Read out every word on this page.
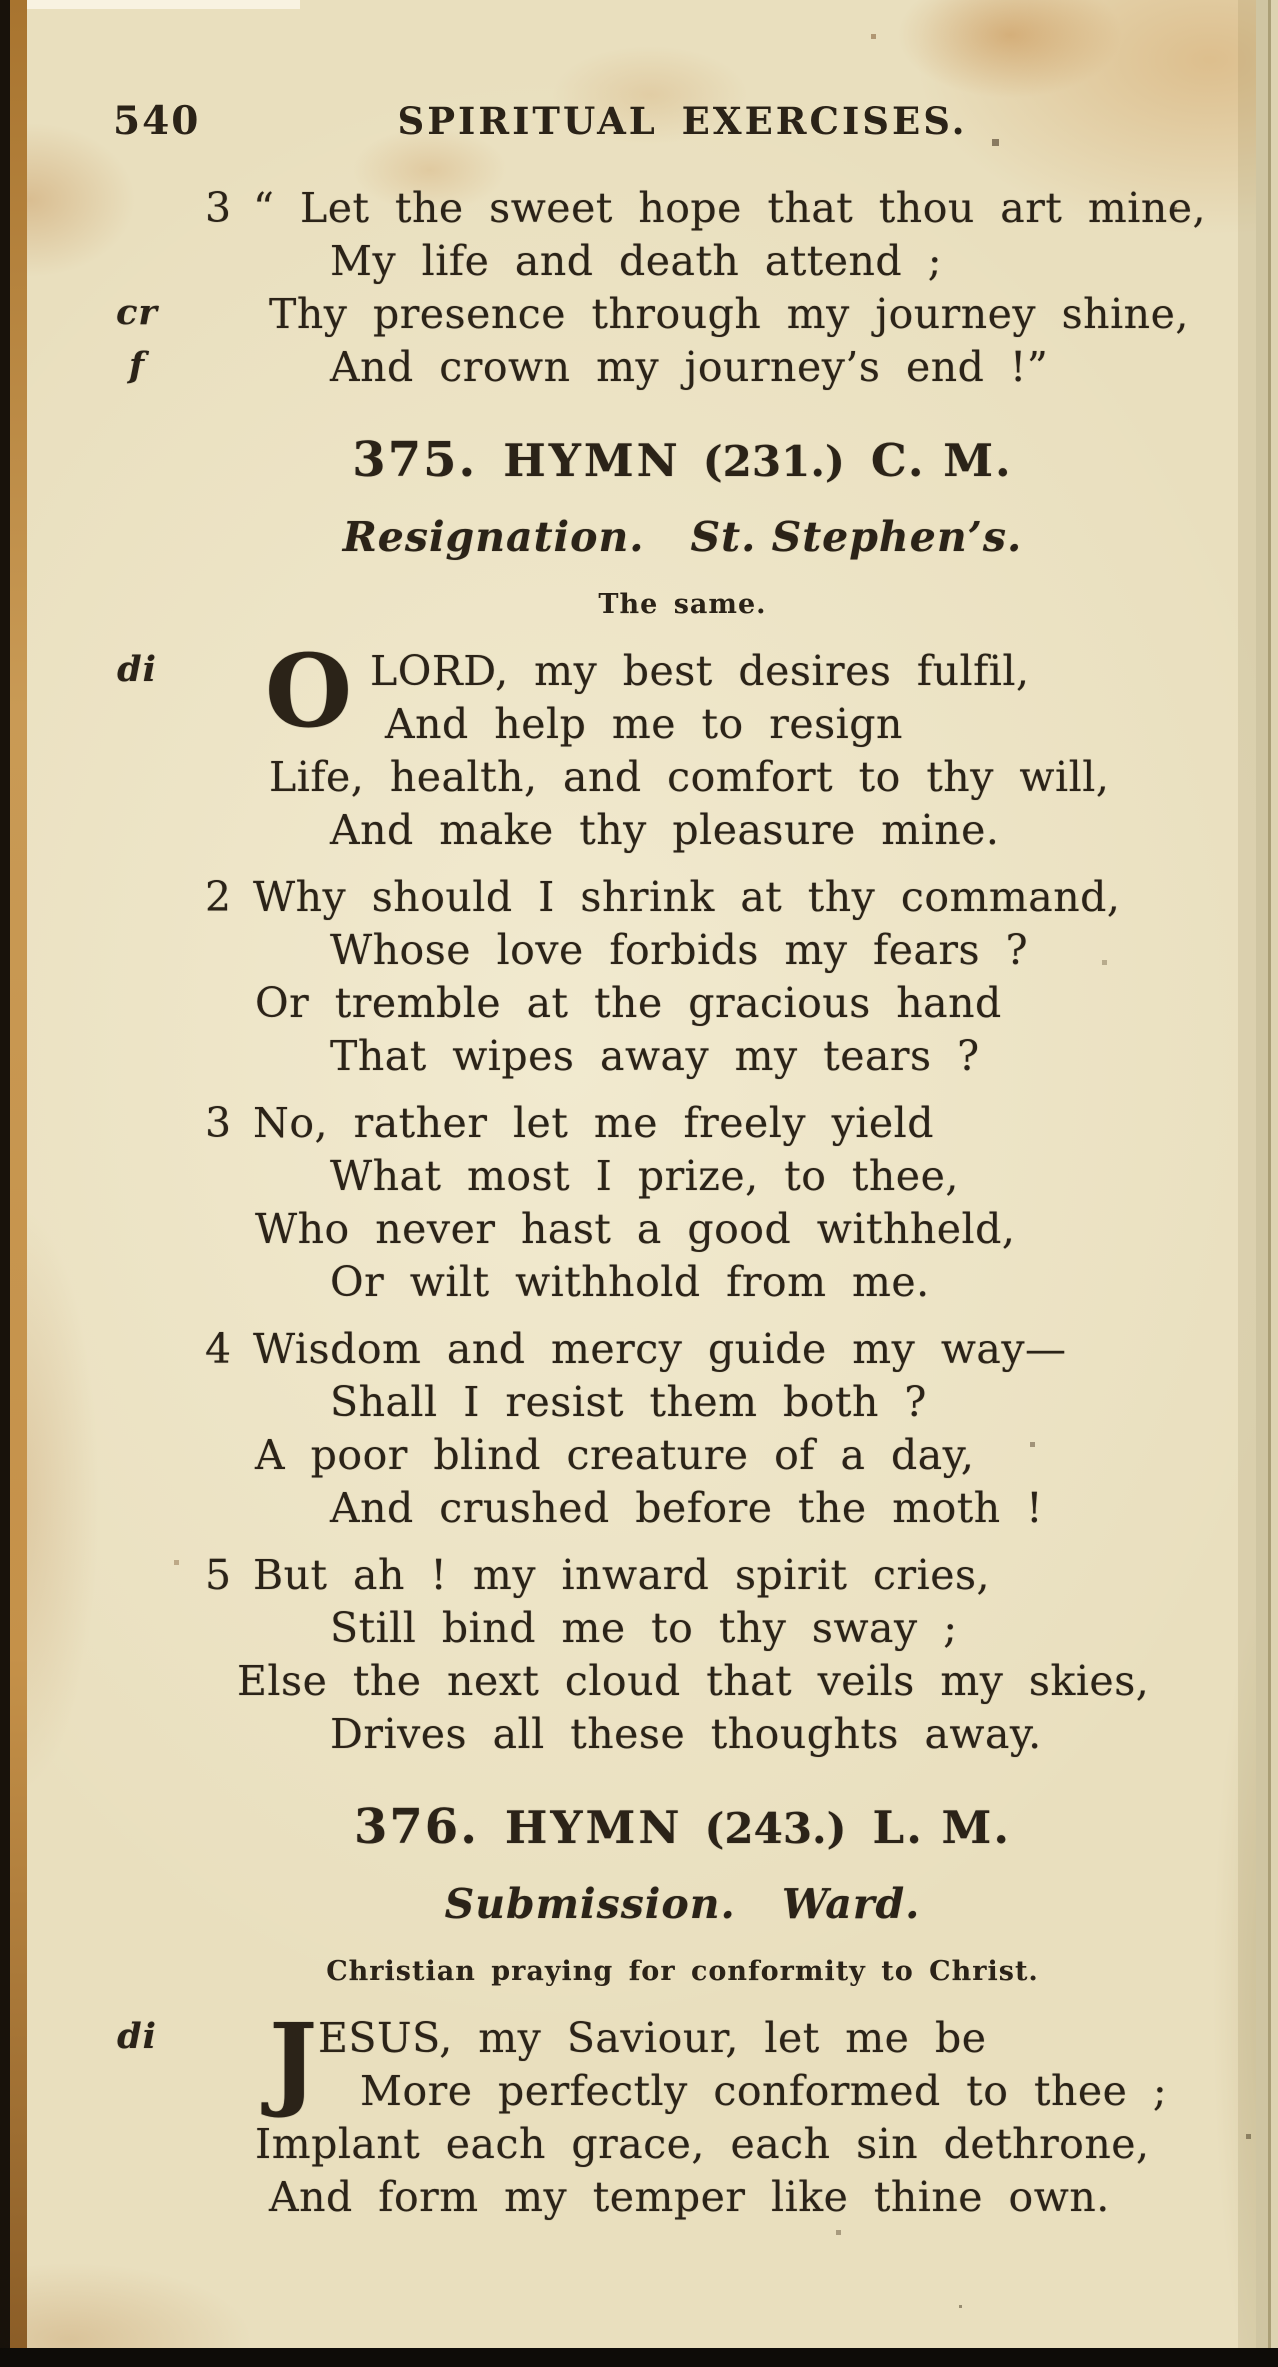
540	SPIRITUAL EXERCISES.
3 “ Let the sweet hope that thou art mine,
My life and death attend ;
Thy presence through my journey shine,
cr
And crown my journey’s end !”
f
375. HYMN (231.) C. M.
Resignation. St. Stephen’s.
The same.
O LORD, my best desires fulfil,
di
And help me to resign
Life, health, and comfort to thy will,
And make thy pleasure mine.
2 Why should I shrink at thy command,
Whose love forbids my fears ?
Or tremble at the gracious hand
That wipes away my tears ?
3 No, rather let me freely yield
What most I prize, to thee,
Who never hast a good withheld,
Or wilt withhold from me.
4 Wisdom and mercy guide my way—
Shall I resist them both ?
A poor blind creature of a day,
And crushed before the moth !
5 But ah ! my inward spirit cries,
Still bind me to thy sway ;
Else the next cloud that veils my skies,
Drives all these thoughts away.
376. HYMN (243.) L. M.
Submission. Ward.
Christian praying for conformity to Christ.
J ESUS, my Saviour, let me be
di
More perfectly conformed to thee ;
Implant each grace, each sin dethrone,
And form my temper like thine own.
